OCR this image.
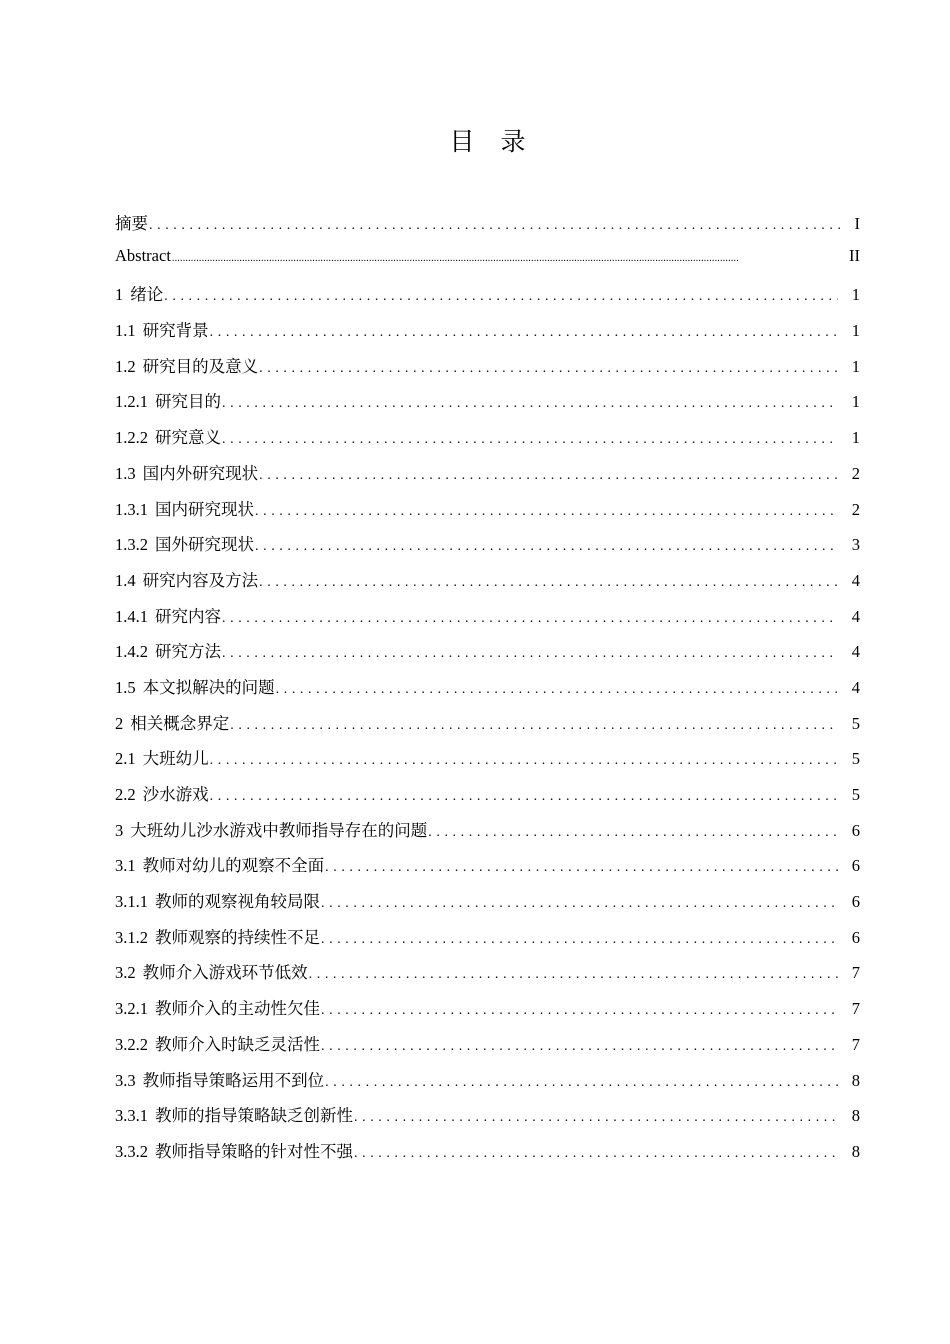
目 录
摘要 .....	I
Abstract .....	II
1 绪论 .....	1
1.1 研究背景 .....	1
1.2 研究目的及意义 .....	1
1.2.1 研究目的 .....	1
1.2.2 研究意义 .....	1
1.3 国内外研究现状 .....	2
1.3.1 国内研究现状 .....	2
1.3.2 国外研究现状 .....	3
1.4 研究内容及方法 .....	4
1.4.1 研究内容 .....	4
1.4.2 研究方法 .....	4
1.5 本文拟解决的问题 .....	4
2 相关概念界定 .....	5
2.1 大班幼儿 .....	5
2.2 沙水游戏 .....	5
3 大班幼儿沙水游戏中教师指导存在的问题 .....	6
3.1 教师对幼儿的观察不全面 .....	6
3.1.1 教师的观察视角较局限 .....	6
3.1.2 教师观察的持续性不足 .....	6
3.2 教师介入游戏环节低效 .....	7
3.2.1 教师介入的主动性欠佳 .....	7
3.2.2 教师介入时缺乏灵活性 .....	7
3.3 教师指导策略运用不到位 .....	8
3.3.1 教师的指导策略缺乏创新性 .....	8
3.3.2 教师指导策略的针对性不强 .....	8
